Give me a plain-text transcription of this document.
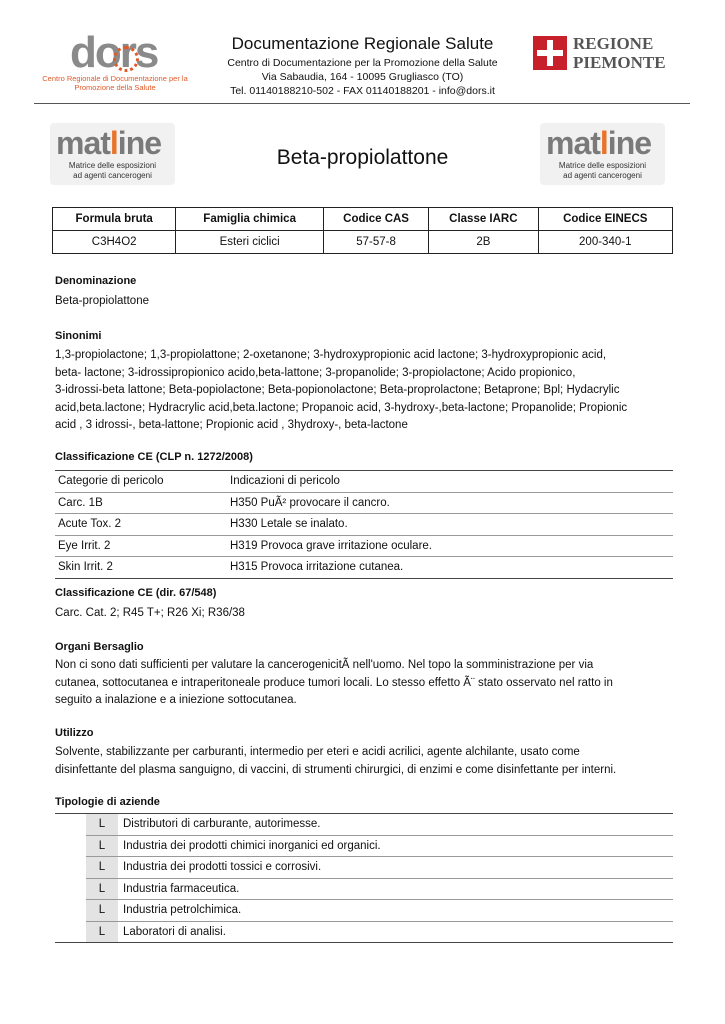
dors
Centro Regionale di Documentazione per la Promozione della Salute
Documentazione Regionale Salute
Centro di Documentazione per la Promozione della Salute
Via Sabaudia, 164 - 10095 Grugliasco (TO)
Tel. 01140188210-502 - FAX 01140188201 - info@dors.it
REGIONE
PIEMONTE
matline
Matrice delle esposizioni
ad agenti cancerogeni
Beta-propiolattone	matline
Matrice delle esposizioni
ad agenti cancerogeni
Formula bruta	Famiglia chimica	Codice CAS	Classe IARC	Codice EINECS
C3H4O2	Esteri ciclici	57-57-8	2B	200-340-1
Denominazione
Beta-propiolattone
Sinonimi
1,3-propiolactone; 1,3-propiolattone; 2-oxetanone; 3-hydroxypropionic acid lactone; 3-hydroxypropionic acid,
beta- lactone; 3-idrossipropionico acido,beta-lattone; 3-propanolide; 3-propiolactone; Acido propionico,
3-idrossi-beta lattone; Beta-popiolactone; Beta-popionolactone; Beta-proprolactone; Betaprone; Bpl; Hydacrylic
acid,beta.lactone; Hydracrylic acid,beta.lactone; Propanoic acid, 3-hydroxy-,beta-lactone; Propanolide; Propionic
acid , 3 idrossi-, beta-lattone; Propionic acid , 3hydroxy-, beta-lactone
Classificazione CE (CLP n. 1272/2008)
Categorie di pericolo	Indicazioni di pericolo
Carc. 1B	H350 PuÃ² provocare il cancro.
Acute Tox. 2	H330 Letale se inalato.
Eye Irrit. 2	H319 Provoca grave irritazione oculare.
Skin Irrit. 2	H315 Provoca irritazione cutanea.
Classificazione CE (dir. 67/548)
Carc. Cat. 2; R45 T+; R26 Xi; R36/38
Organi Bersaglio
Non ci sono dati sufficienti per valutare la cancerogenicitÃ nell'uomo. Nel topo la somministrazione per via
cutanea, sottocutanea e intraperitoneale produce tumori locali. Lo stesso effetto Ã¨ stato osservato nel ratto in
seguito a inalazione e a iniezione sottocutanea.
Utilizzo
Solvente, stabilizzante per carburanti, intermedio per eteri e acidi acrilici, agente alchilante, usato come
disinfettante del plasma sanguigno, di vaccini, di strumenti chirurgici, di enzimi e come disinfettante per interni.
Tipologie di aziende
	L	Distributori di carburante, autorimesse.
	L	Industria dei prodotti chimici inorganici ed organici.
	L	Industria dei prodotti tossici e corrosivi.
	L	Industria farmaceutica.
	L	Industria petrolchimica.
	L	Laboratori di analisi.
